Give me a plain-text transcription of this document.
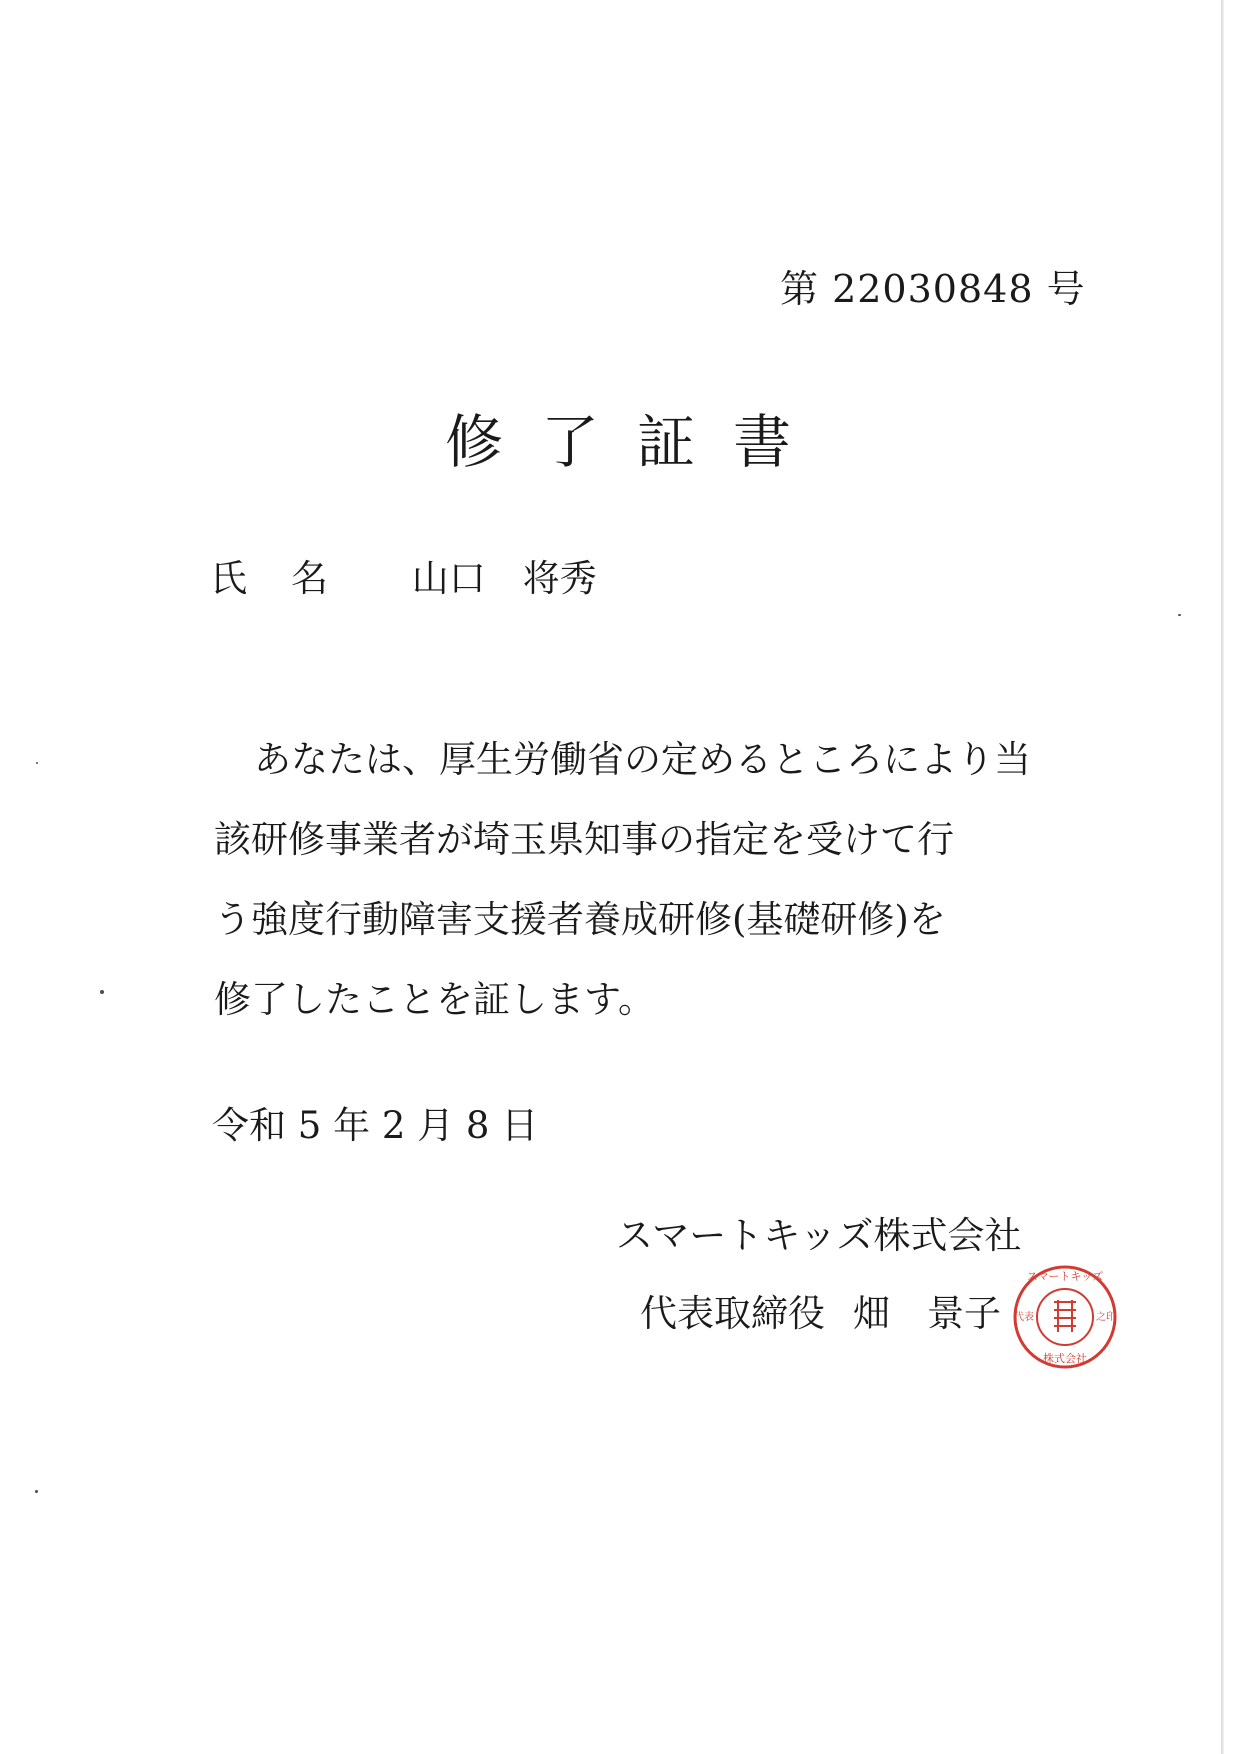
第 22030848 号
修了証書
氏名 山口　将秀

あなたは、厚生労働省の定めるところにより当

該研修事業者が埼玉県知事の指定を受けて行

う強度行動障害支援者養成研修(基礎研修)を

修了したことを証します。

令和 5 年 2 月 8 日
スマートキッズ株式会社
代表取締役 畑　景子
スマートキッズ
株式会社
代表	之印
